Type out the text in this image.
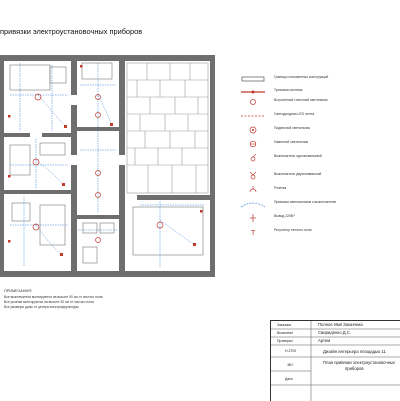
привязки электроустановочных приборов
Границы положенных конструкций
Трековая система
Встроенный точечный светильник
Светодиодная LED лента
Подвесной светильник
Навесной светильник
Выключатель одноклавишный
Выключатель двухклавишный
Розетка
Привязка светильников к выключателю
Вывод 220В+
Т	Регулятор теплого пола
ПРИМЕЧАНИЯ:
Все выключатели монтируются на высоте 90 см от чистого пола
Все розетки монтируются на высоте 30 см от чистого пола
Все размеры даны от центра электрофурнитуры
Заказчик	Полное Имя Заказчика
Выполнил	Свириденко Д.С.
Проверил	Артем
Н-2700	Дизайн интерьера площадью 11
ЭЮ
Дата
План привязки электроустановочных
приборов
